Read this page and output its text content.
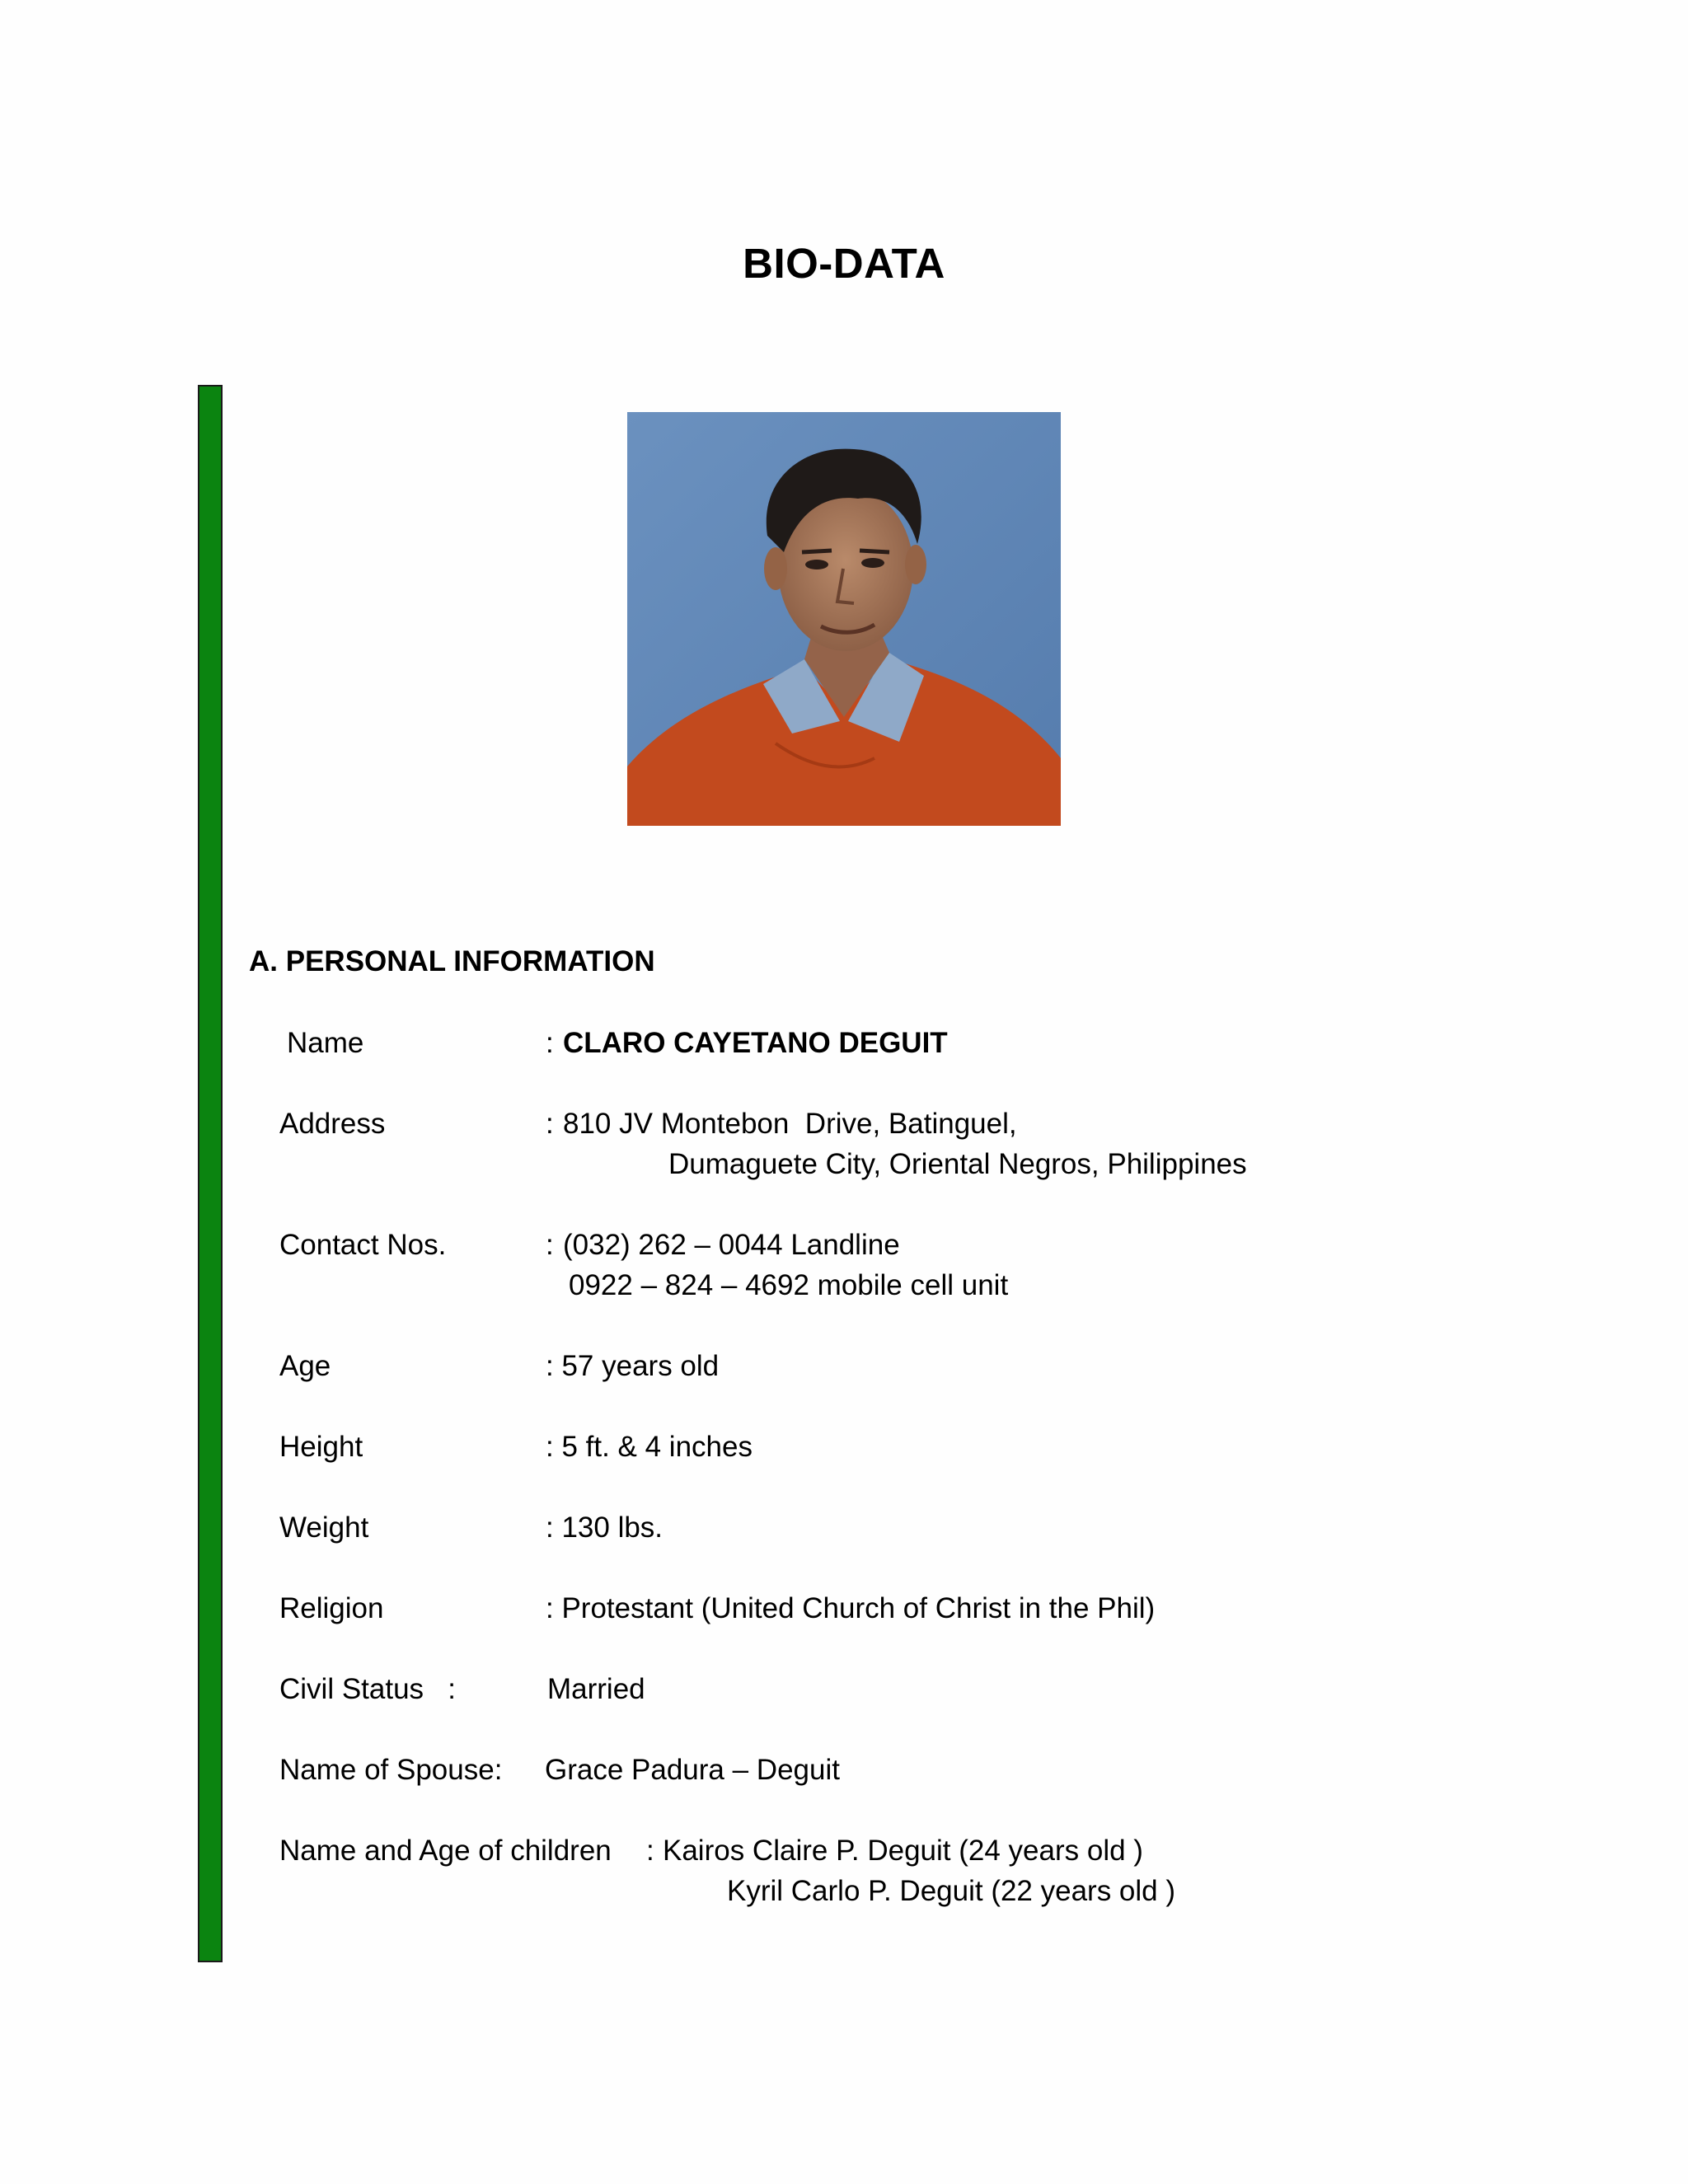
BIO-DATA
A. PERSONAL INFORMATION
Name	: CLARO CAYETANO DEGUIT
Address	: 810 JV Montebon  Drive, Batinguel,
Dumaguete City, Oriental Negros, Philippines
Contact Nos.	: (032) 262 – 0044 Landline
0922 – 824 – 4692 mobile cell unit
Age	: 57 years old
Height	: 5 ft. & 4 inches
Weight	: 130 lbs.
Religion	: Protestant (United Church of Christ in the Phil)
Civil Status   :	Married
Name of Spouse: Grace Padura – Deguit
Name and Age of children : Kairos Claire P. Deguit (24 years old )
Kyril Carlo P. Deguit (22 years old )
